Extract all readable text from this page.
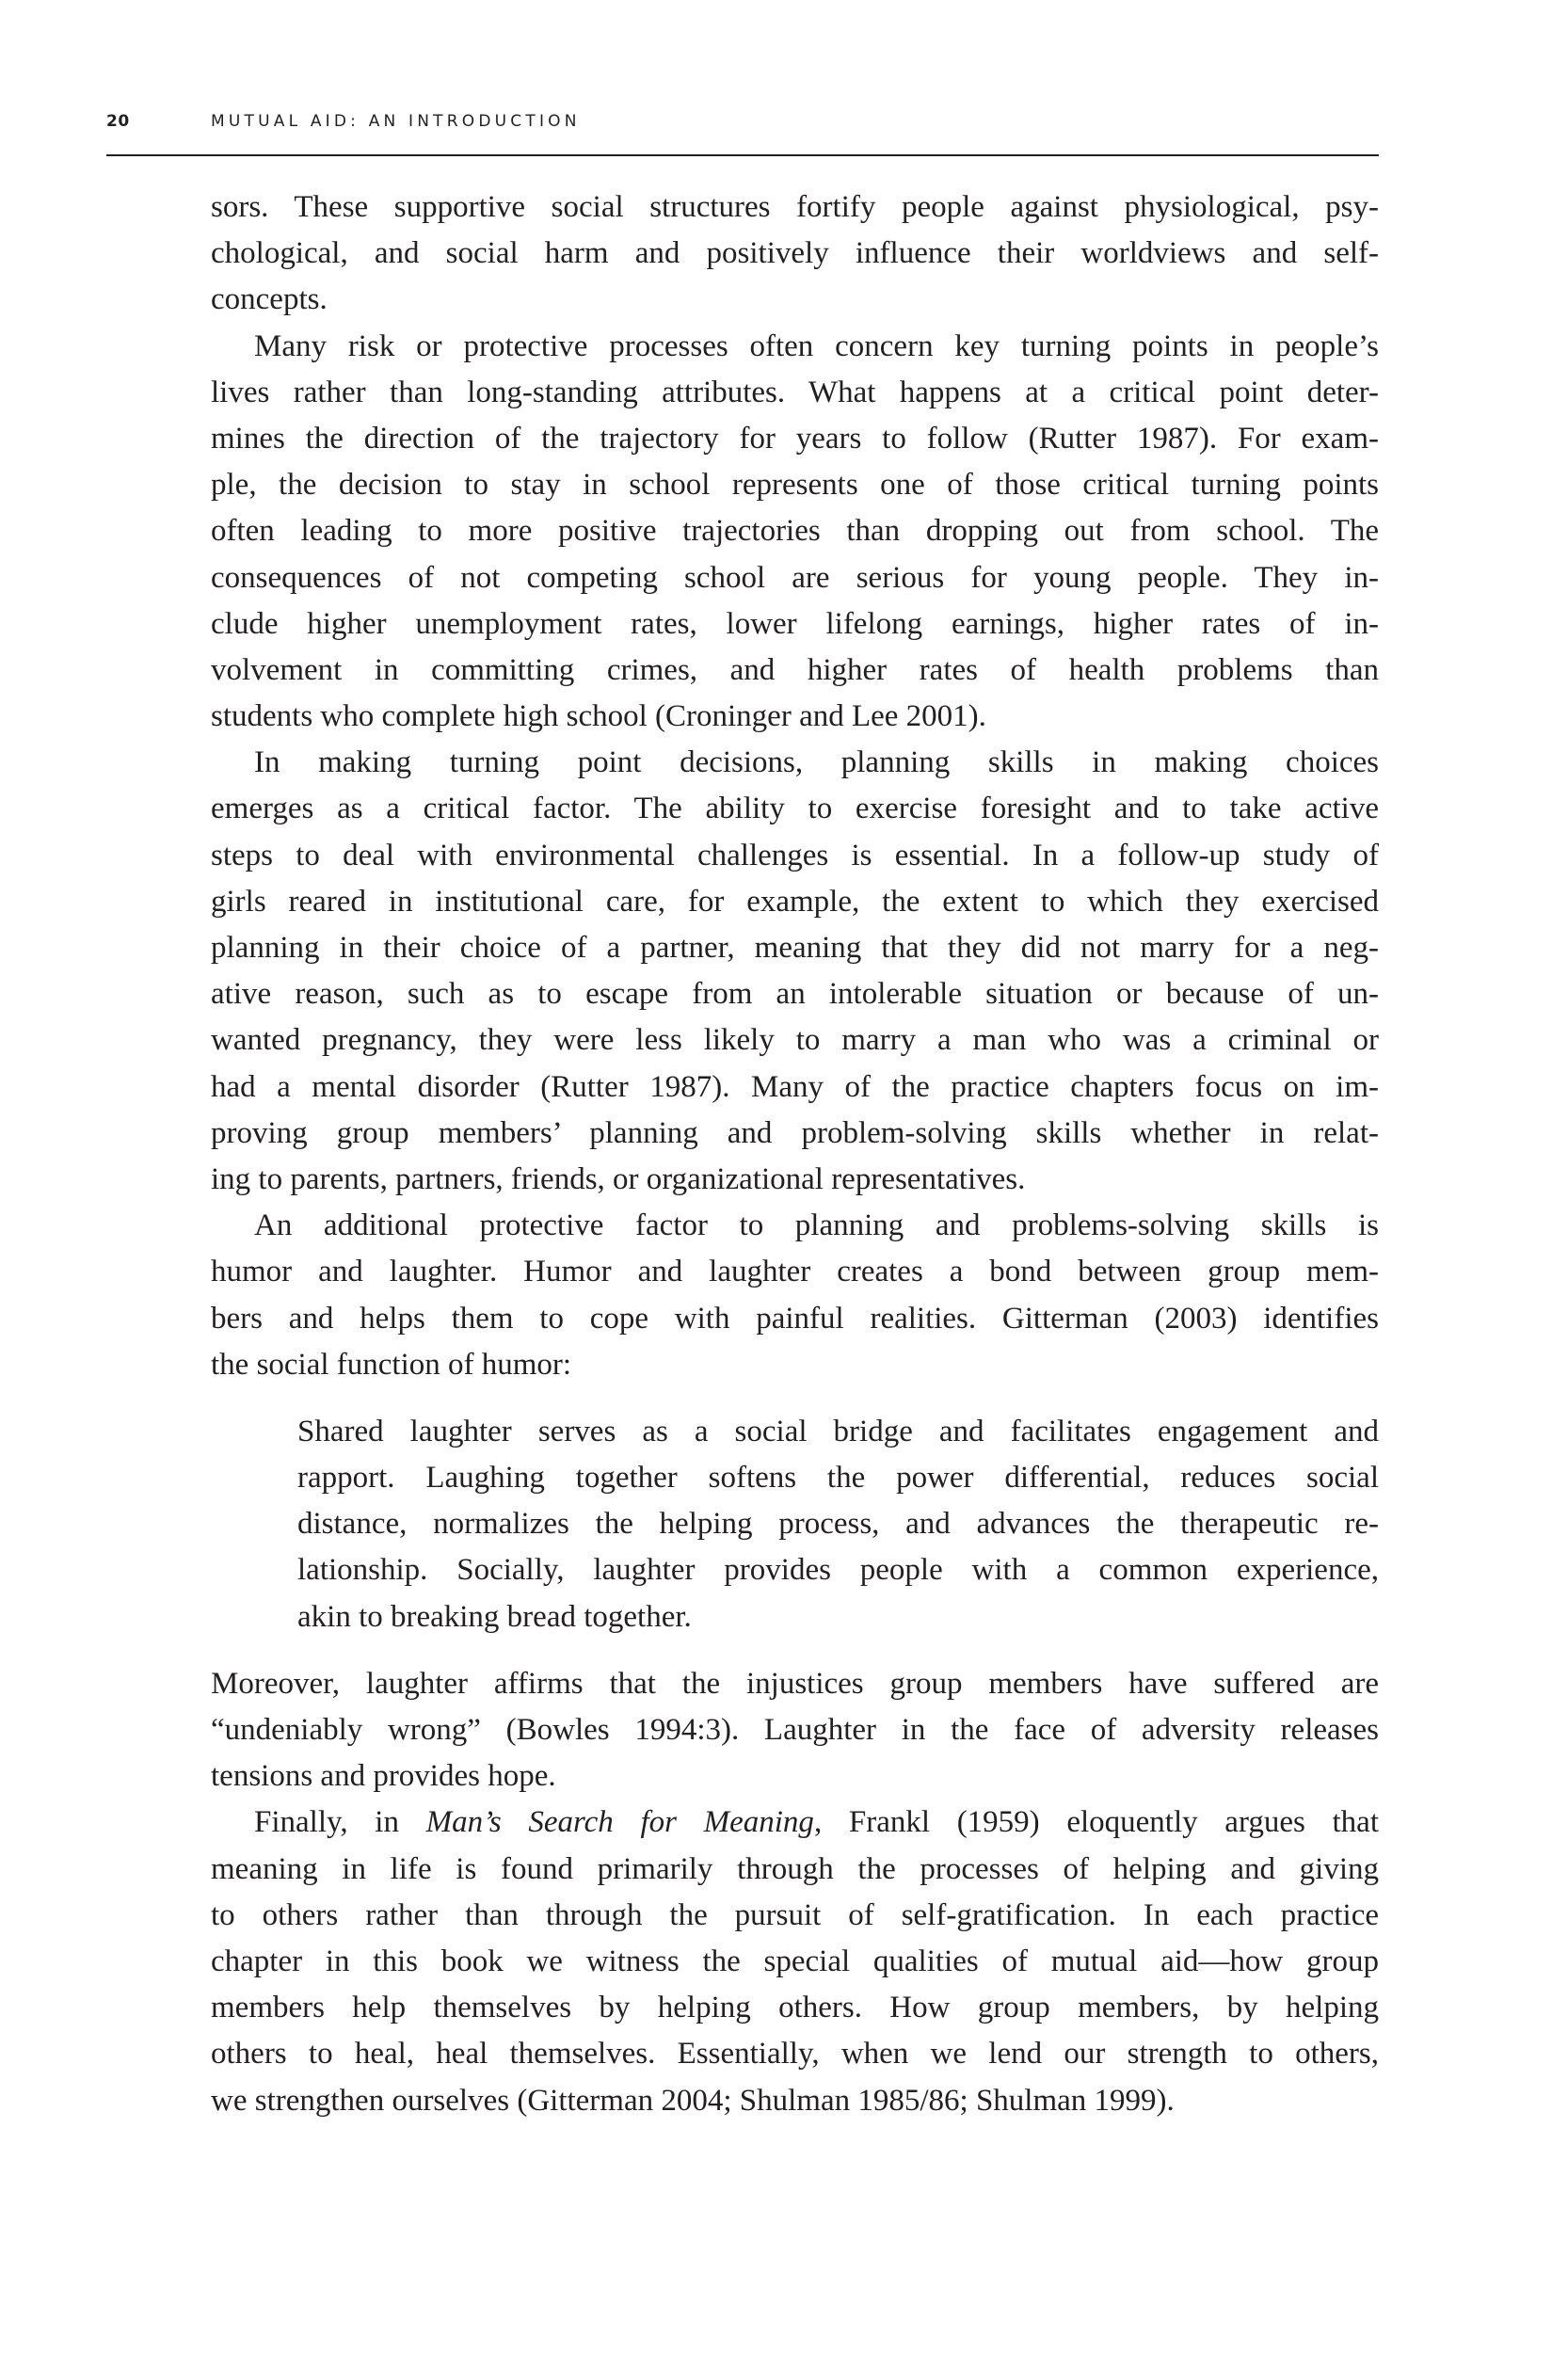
20	MUTUAL AID: AN INTRODUCTION

sors. These supportive social structures fortify people against physiological, psy-
chological, and social harm and positively influence their worldviews and self-
concepts.

Many risk or protective processes often concern key turning points in people’s
lives rather than long-standing attributes. What happens at a critical point deter-
mines the direction of the trajectory for years to follow (Rutter 1987). For exam-
ple, the decision to stay in school represents one of those critical turning points
often leading to more positive trajectories than dropping out from school. The
consequences of not competing school are serious for young people. They in-
clude higher unemployment rates, lower lifelong earnings, higher rates of in-
volvement in committing crimes, and higher rates of health problems than
students who complete high school (Croninger and Lee 2001).

In making turning point decisions, planning skills in making choices
emerges as a critical factor. The ability to exercise foresight and to take active
steps to deal with environmental challenges is essential. In a follow-up study of
girls reared in institutional care, for example, the extent to which they exercised
planning in their choice of a partner, meaning that they did not marry for a neg-
ative reason, such as to escape from an intolerable situation or because of un-
wanted pregnancy, they were less likely to marry a man who was a criminal or
had a mental disorder (Rutter 1987). Many of the practice chapters focus on im-
proving group members’ planning and problem-solving skills whether in relat-
ing to parents, partners, friends, or organizational representatives.

An additional protective factor to planning and problems-solving skills is
humor and laughter. Humor and laughter creates a bond between group mem-
bers and helps them to cope with painful realities. Gitterman (2003) identifies
the social function of humor:

Shared laughter serves as a social bridge and facilitates engagement and
rapport. Laughing together softens the power differential, reduces social
distance, normalizes the helping process, and advances the therapeutic re-
lationship. Socially, laughter provides people with a common experience,
akin to breaking bread together.

Moreover, laughter affirms that the injustices group members have suffered are
“undeniably wrong” (Bowles 1994:3). Laughter in the face of adversity releases
tensions and provides hope.

Finally, in Man’s Search for Meaning, Frankl (1959) eloquently argues that
meaning in life is found primarily through the processes of helping and giving
to others rather than through the pursuit of self-gratification. In each practice
chapter in this book we witness the special qualities of mutual aid—how group
members help themselves by helping others. How group members, by helping
others to heal, heal themselves. Essentially, when we lend our strength to others,
we strengthen ourselves (Gitterman 2004; Shulman 1985/86; Shulman 1999).
